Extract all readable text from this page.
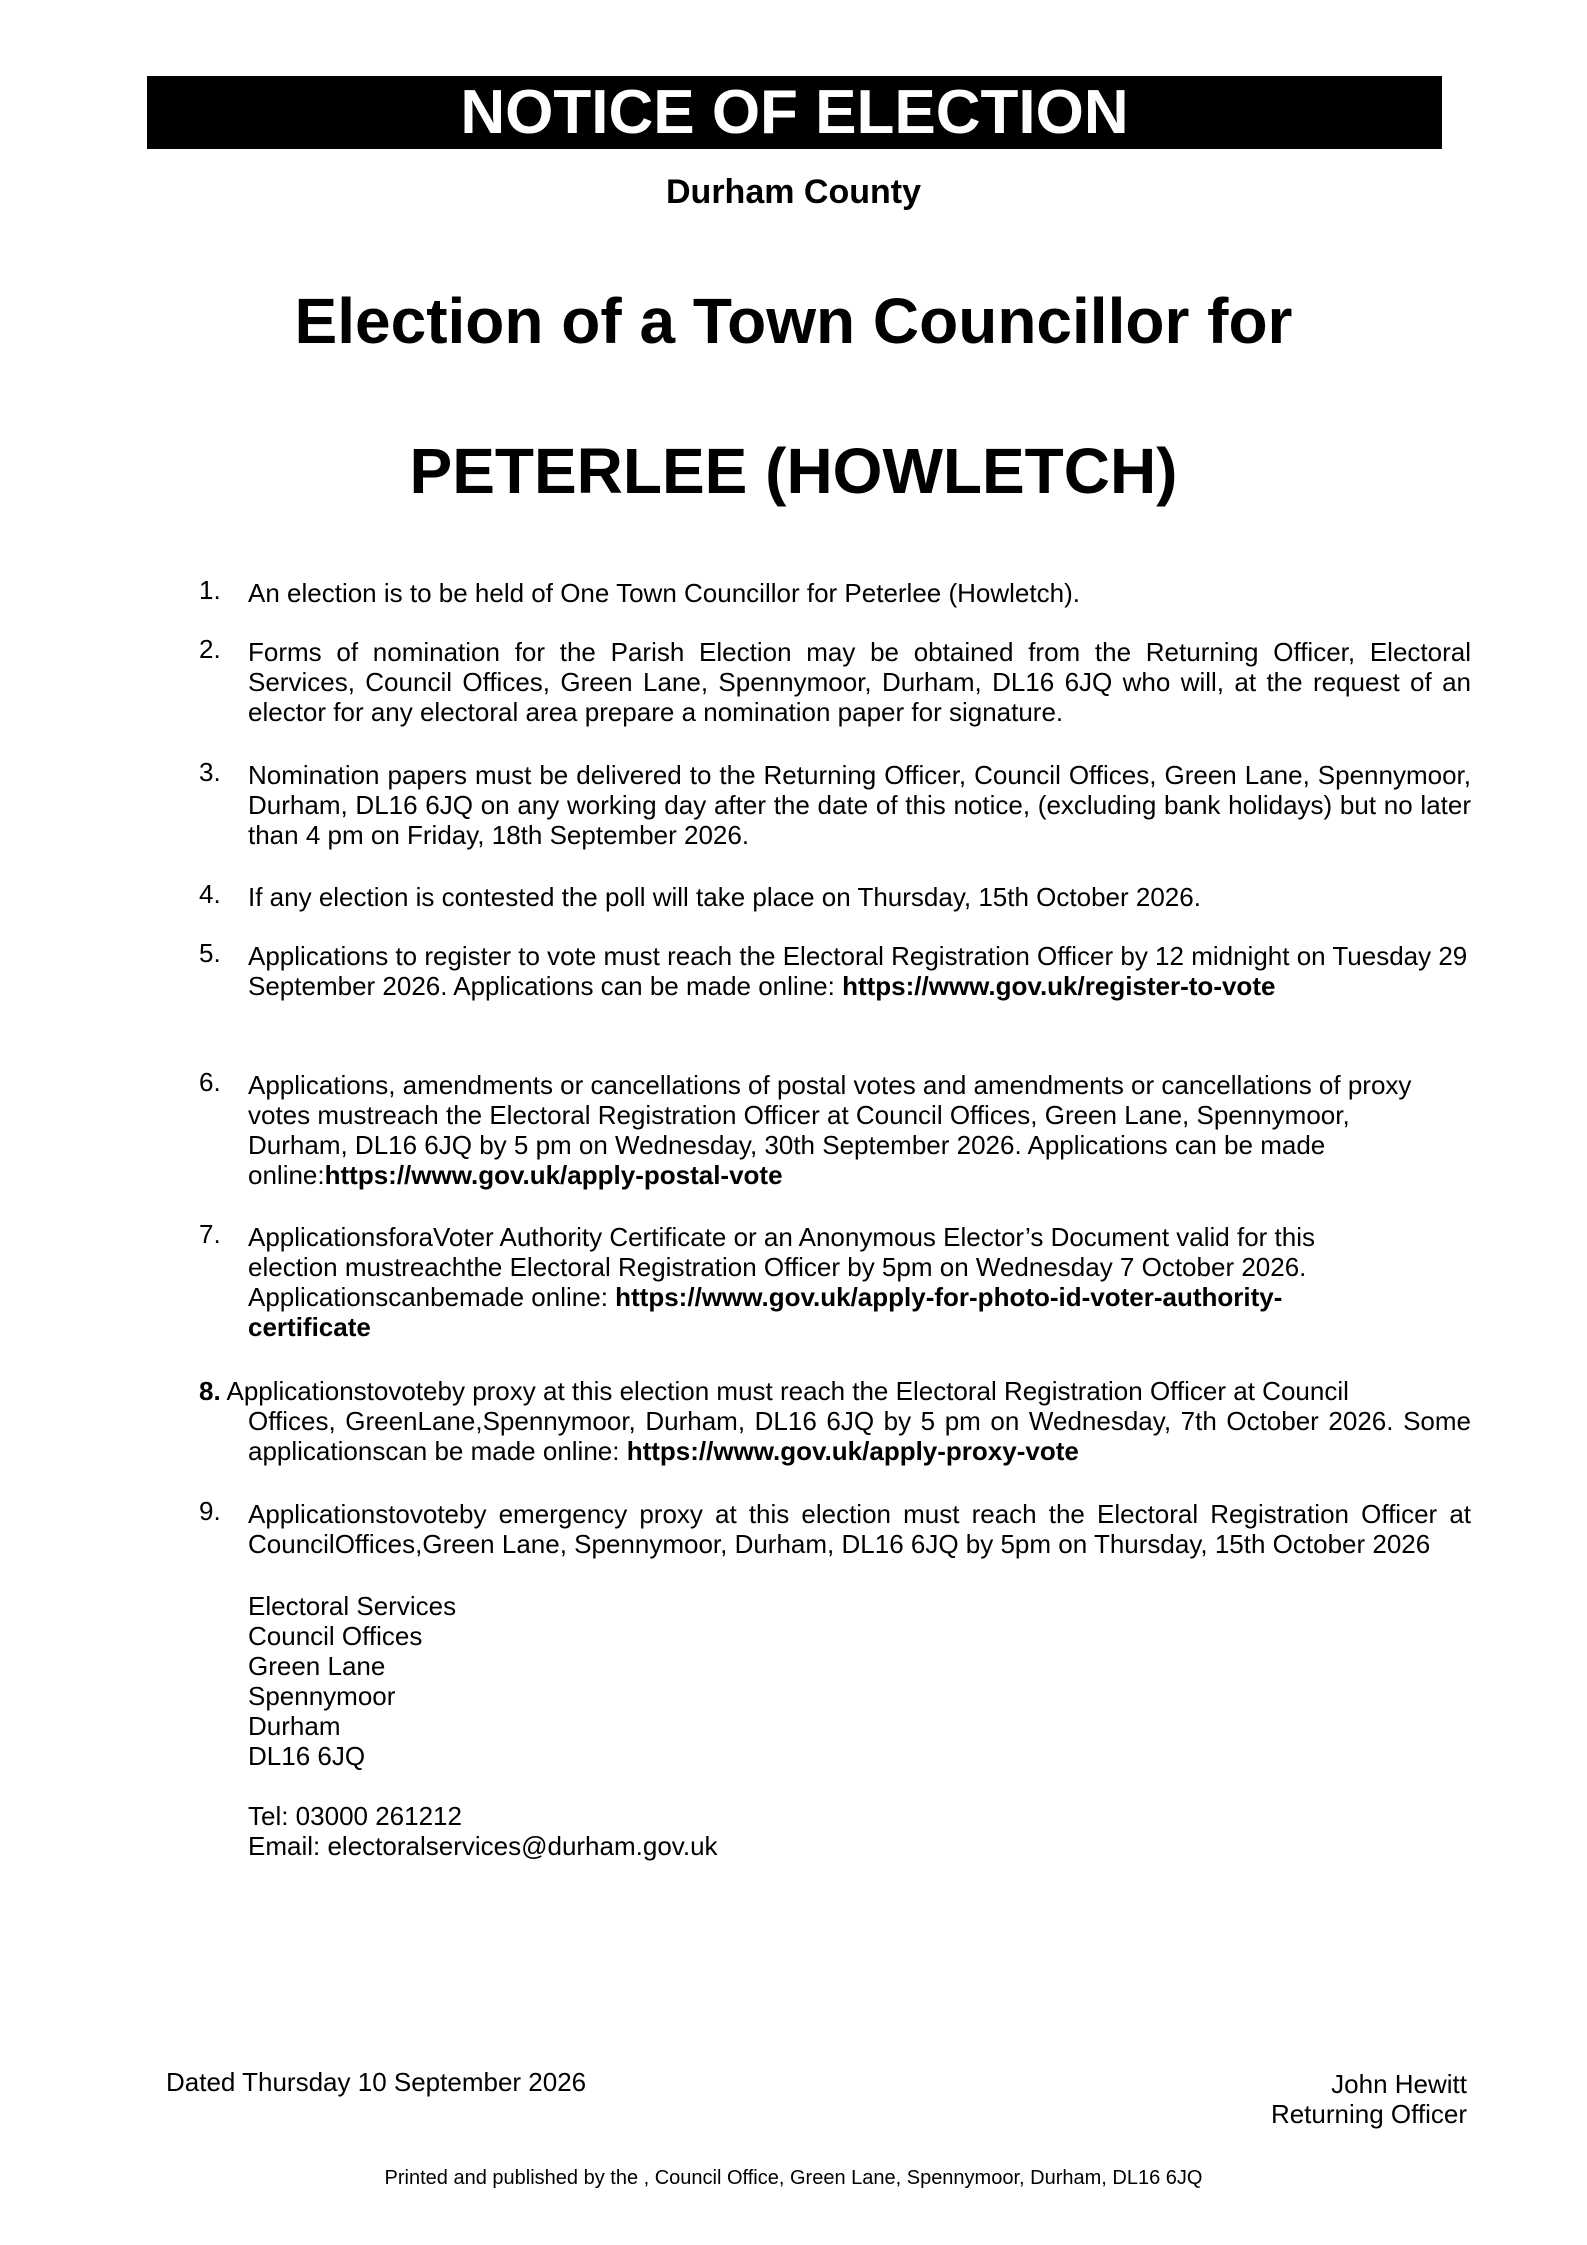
NOTICE OF ELECTION
Durham County
Election of a Town Councillor for
PETERLEE (HOWLETCH)
1. An election is to be held of One Town Councillor for Peterlee (Howletch).
2. Forms of nomination for the Parish Election may be obtained from the Returning Officer, Electoral Services, Council Offices, Green Lane, Spennymoor, Durham, DL16 6JQ who will, at the request of an elector for any electoral area prepare a nomination paper for signature.
3. Nomination papers must be delivered to the Returning Officer, Council Offices, Green Lane, Spennymoor, Durham, DL16 6JQ on any working day after the date of this notice, (excluding bank holidays) but no later than 4 pm on Friday, 18th September 2026.
4. If any election is contested the poll will take place on Thursday, 15th October 2026.
5. Applications to register to vote must reach the Electoral Registration Officer by 12 midnight on Tuesday 29 September 2026. Applications can be made online: https://www.gov.uk/register-to-vote
6. Applications, amendments or cancellations of postal votes and amendments or cancellations of proxy votes mustreach the Electoral Registration Officer at Council Offices, Green Lane, Spennymoor, Durham, DL16 6JQ by 5 pm on Wednesday, 30th September 2026. Applications can be made online:https://www.gov.uk/apply-postal-vote
7. ApplicationsforaVoter Authority Certificate or an Anonymous Elector’s Document valid for this election mustreachthe Electoral Registration Officer by 5pm on Wednesday 7 October 2026. Applicationscanbemade online: https://www.gov.uk/apply-for-photo-id-voter-authority-certificate
8. Applicationstovoteby proxy at this election must reach the Electoral Registration Officer at Council
Offices, GreenLane,Spennymoor, Durham, DL16 6JQ by 5 pm on Wednesday, 7th October 2026. Some applicationscan be made online: https://www.gov.uk/apply-proxy-vote
9. Applicationstovoteby emergency proxy at this election must reach the Electoral Registration Officer at CouncilOffices,Green Lane, Spennymoor, Durham, DL16 6JQ by 5pm on Thursday, 15th October 2026
Electoral Services
Council Offices
Green Lane
Spennymoor
Durham
DL16 6JQ
Tel: 03000 261212
Email: electoralservices@durham.gov.uk
Dated Thursday 10 September 2026	John Hewitt
Returning Officer
Printed and published by the , Council Office, Green Lane, Spennymoor, Durham, DL16 6JQ
